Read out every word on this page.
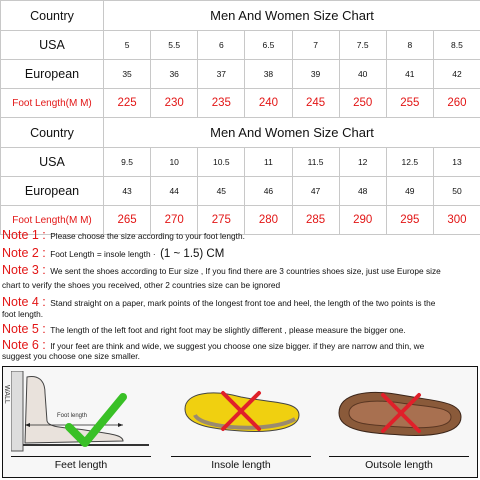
Country	Men And Women Size Chart							
USA	5	5.5	6	6.5	7	7.5	8	8.5
European	35	36	37	38	39	40	41	42
Foot Length(M M)	225	230	235	240	245	250	255	260
Country	Men And Women Size Chart							
USA	9.5	10	10.5	11	11.5	12	12.5	13
European	43	44	45	46	47	48	49	50
Foot Length(M M)	265	270	275	280	285	290	295	300
Note 1 : Please choose the size according to your foot length.
Note 2 : Foot Length = insole length · (1 ~ 1.5) CM
Note 3 : We sent the shoes according to Eur size , If you find there are 3 countries shoes size, just use Europe size
chart to verify the shoes you received, other 2 countries size can be ignored
Note 4 : Stand straight on a paper, mark points of the longest front toe and heel, the length of the two points is the
foot length.
Note 5 : The length of the left foot and right foot may be slightly different , please measure the bigger one.
Note 6 : If your feet are think and wide, we suggest you choose one size bigger. if they are narrow and thin, we
suggest you choose one size smaller.
WALL
Foot length
Feet length	Insole length	Outsole length
